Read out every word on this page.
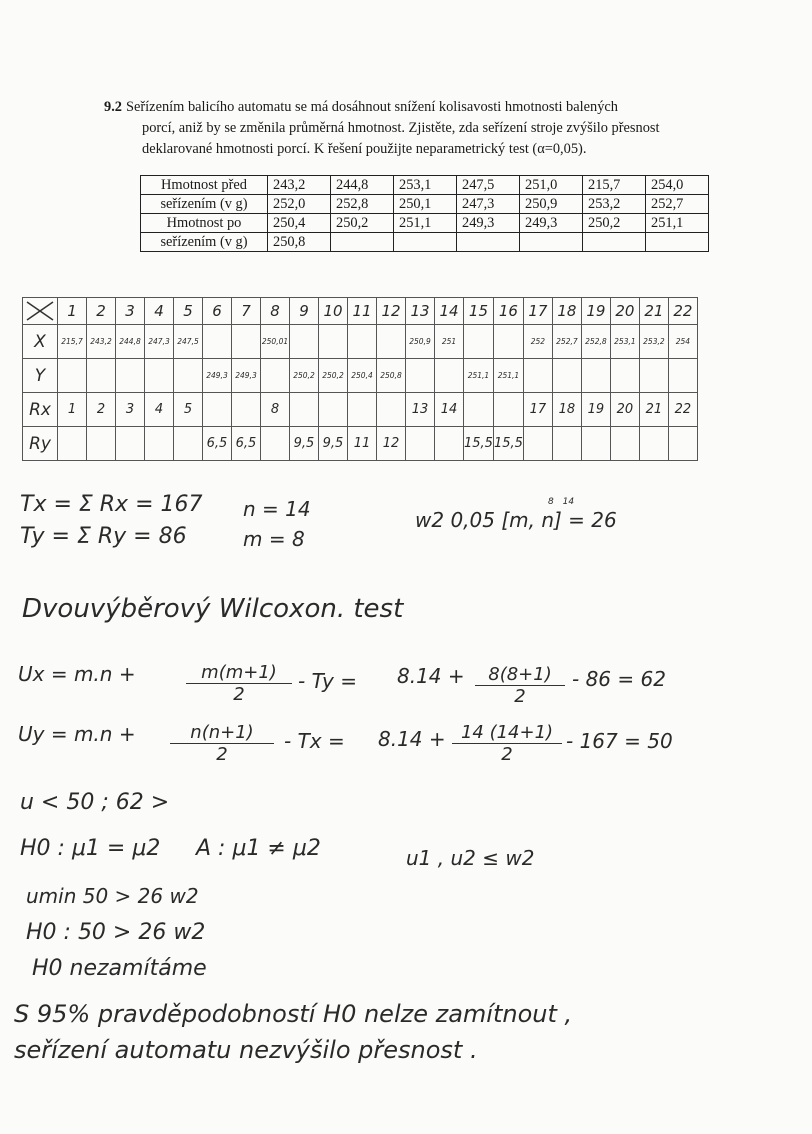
9.2 Seřízením balicího automatu se má dosáhnout snížení kolisavosti hmotnosti balených
porcí, aniž by se změnila průměrná hmotnost. Zjistěte, zda seřízení stroje zvýšilo přesnost
deklarované hmotnosti porcí. K řešení použijte neparametrický test (α=0,05).
Hmotnost před	243,2	244,8	253,1	247,5	251,0	215,7	254,0
seřízením (v g)	252,0	252,8	250,1	247,3	250,9	253,2	252,7
Hmotnost po	250,4	250,2	251,1	249,3	249,3	250,2	251,1
seřízením (v g)	250,8						
	1	2	3	4	5	6	7	8	9	10	11	12	13	14	15	16	17	18	19	20	21	22
X	215,7	243,2	244,8	247,3	247,5			250,01					250,9	251			252	252,7	252,8	253,1	253,2	254
Y						249,3	249,3		250,2	250,2	250,4	250,8			251,1	251,1						
Rx	1	2	3	4	5			8					13	14			17	18	19	20	21	22
Ry						6,5	6,5		9,5	9,5	11	12			15,5	15,5						
Tx = Σ Rx = 167
Ty = Σ Ry = 86
n = 14
m = 8
8 14
w2 0,05 [m, n] = 26
Dvouvýběrový Wilcoxon. test
Ux = m.n +	$\frac{m(m+1)}{2} - Ty = 8.14 + \frac{8(8+1)}{2} - 86 = 62$
$Uy = m.n + \frac{n(n+1)}{2} - Tx = 8.14 + \frac{14 (14+1)}{2} - 167 = 50$
u < 50 ; 62 >
H0 : μ1 = μ2 A : μ1 ≠ μ2	u1 , u2 ≤ w2
umin 50 > 26 w2
H0 : 50 > 26 w2
H0 nezamítáme
S 95% pravděpodobností H0 nelze zamítnout ,
seřízení automatu nezvýšilo přesnost .
